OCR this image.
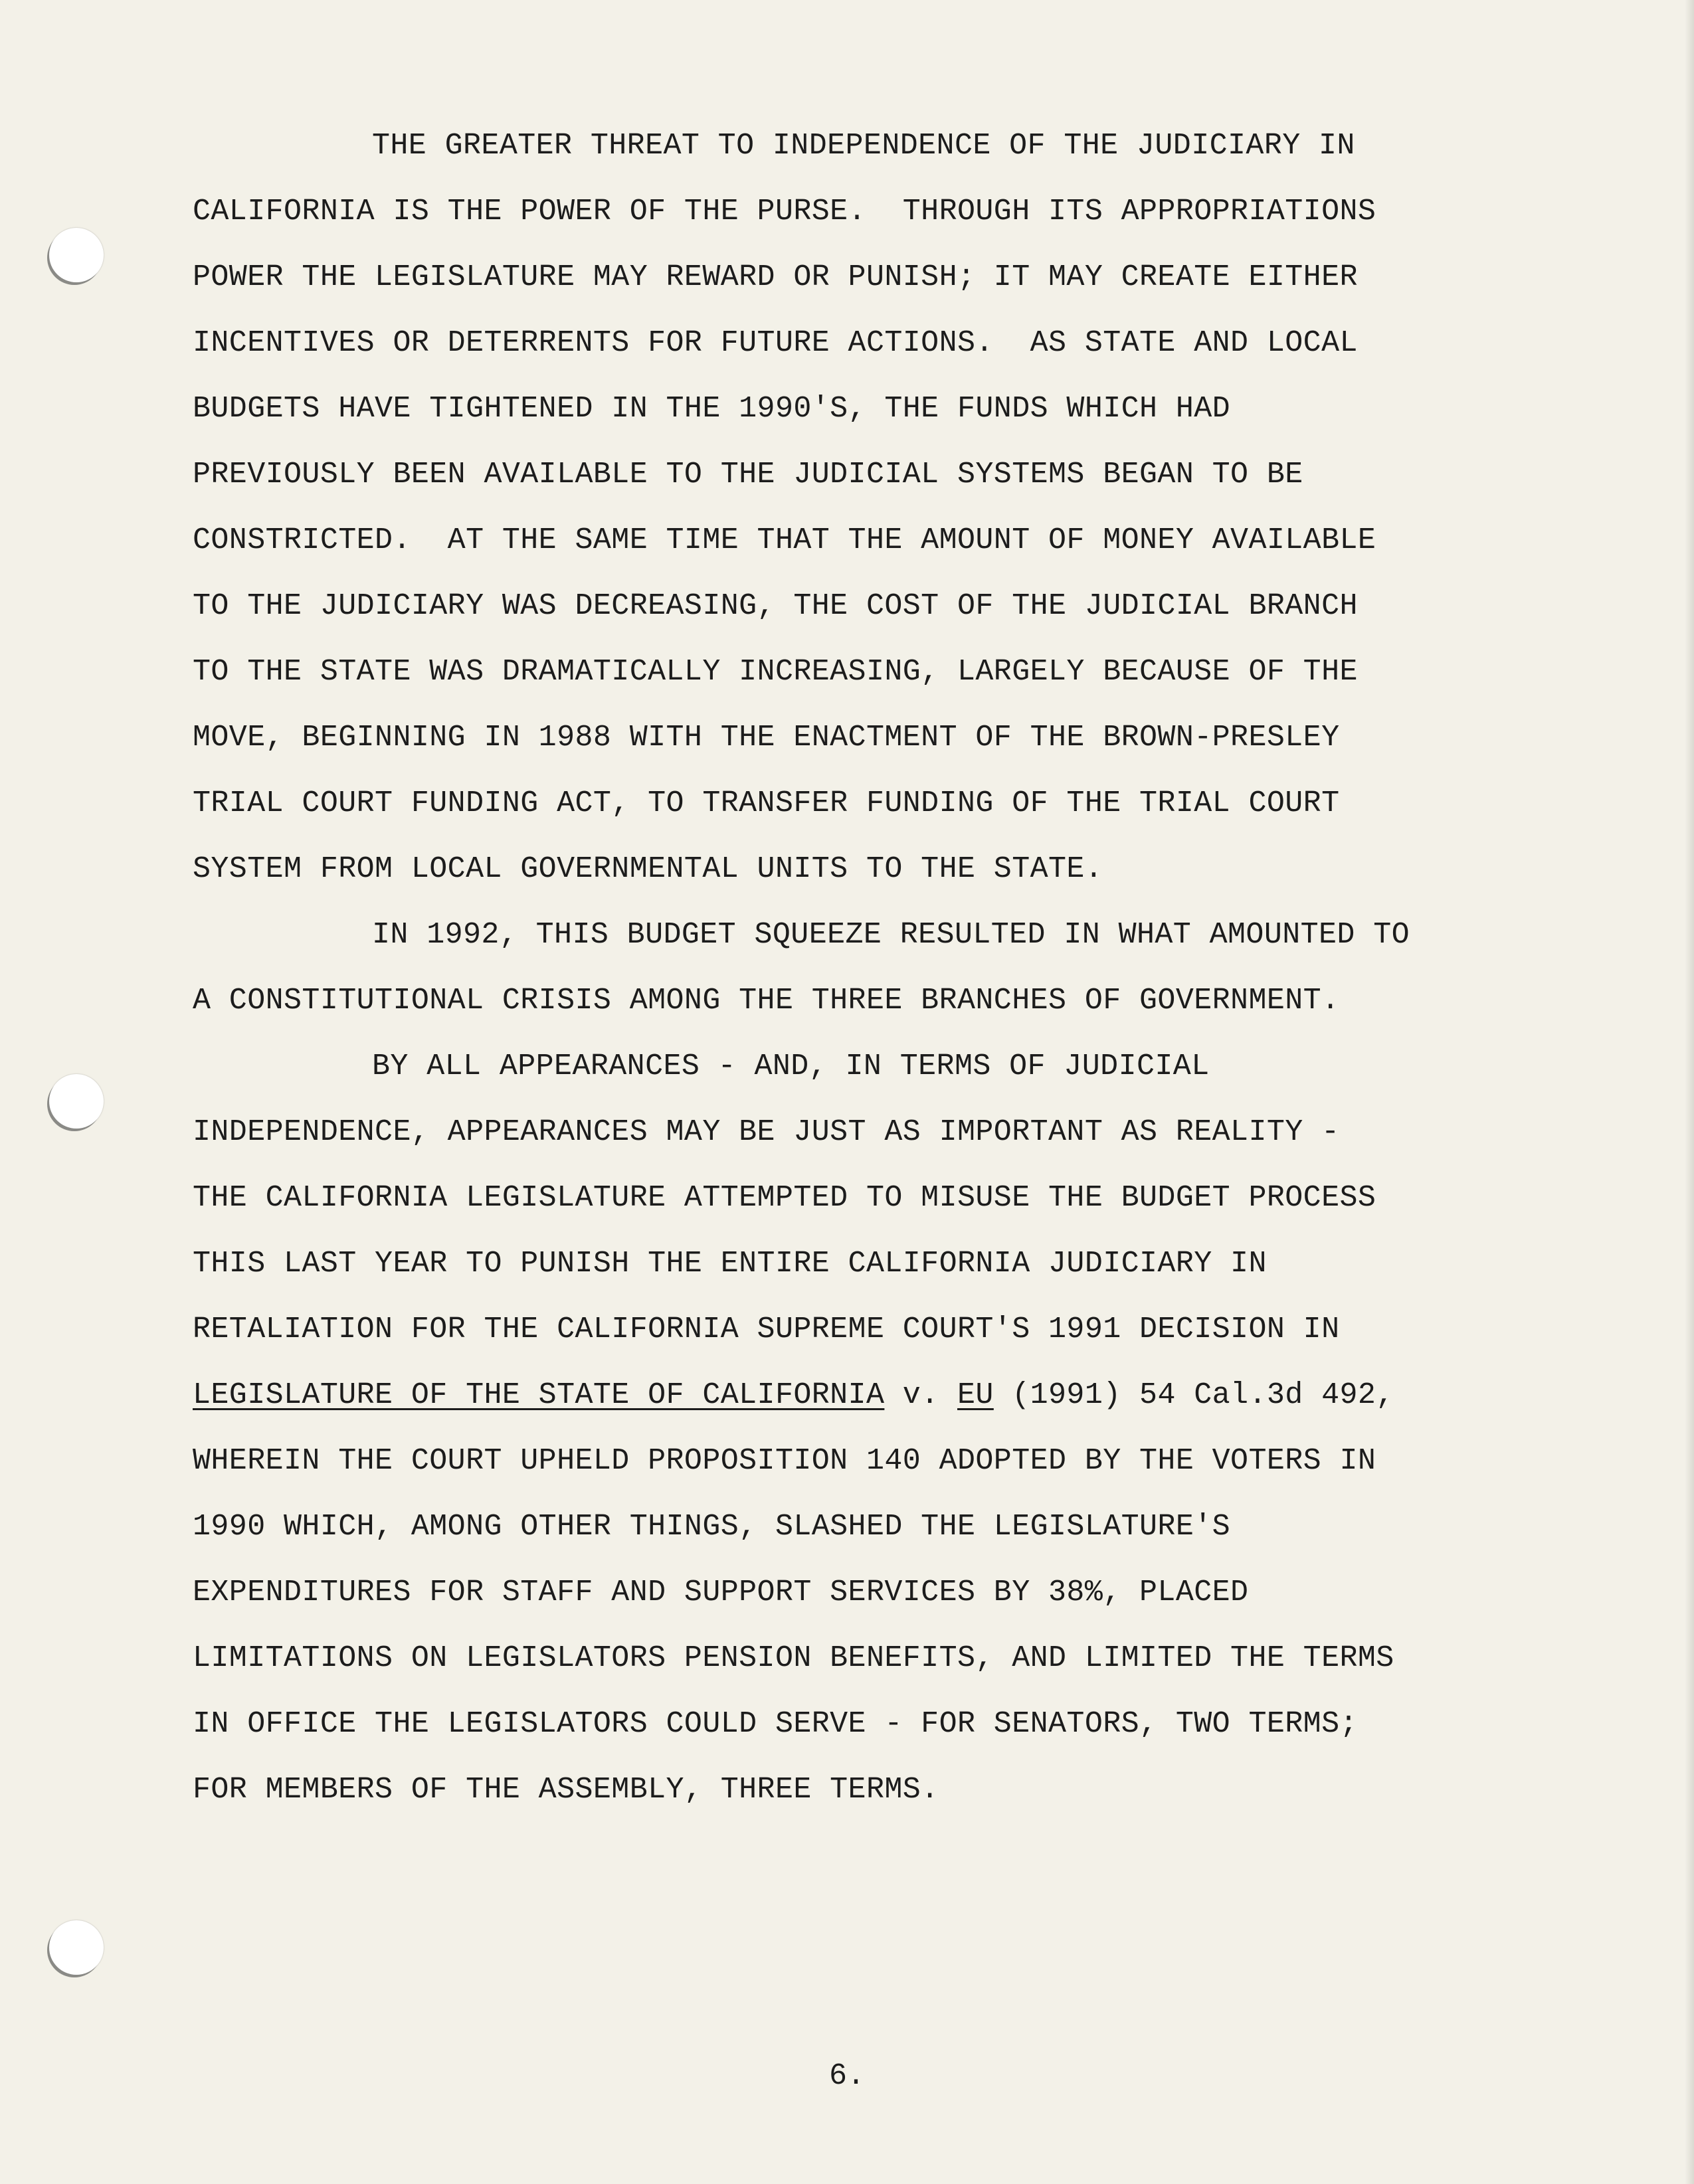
THE GREATER THREAT TO INDEPENDENCE OF THE JUDICIARY IN
CALIFORNIA IS THE POWER OF THE PURSE.  THROUGH ITS APPROPRIATIONS
POWER THE LEGISLATURE MAY REWARD OR PUNISH; IT MAY CREATE EITHER
INCENTIVES OR DETERRENTS FOR FUTURE ACTIONS.  AS STATE AND LOCAL
BUDGETS HAVE TIGHTENED IN THE 1990'S, THE FUNDS WHICH HAD
PREVIOUSLY BEEN AVAILABLE TO THE JUDICIAL SYSTEMS BEGAN TO BE
CONSTRICTED.  AT THE SAME TIME THAT THE AMOUNT OF MONEY AVAILABLE
TO THE JUDICIARY WAS DECREASING, THE COST OF THE JUDICIAL BRANCH
TO THE STATE WAS DRAMATICALLY INCREASING, LARGELY BECAUSE OF THE
MOVE, BEGINNING IN 1988 WITH THE ENACTMENT OF THE BROWN-PRESLEY
TRIAL COURT FUNDING ACT, TO TRANSFER FUNDING OF THE TRIAL COURT
SYSTEM FROM LOCAL GOVERNMENTAL UNITS TO THE STATE.
IN 1992, THIS BUDGET SQUEEZE RESULTED IN WHAT AMOUNTED TO
A CONSTITUTIONAL CRISIS AMONG THE THREE BRANCHES OF GOVERNMENT.
BY ALL APPEARANCES - AND, IN TERMS OF JUDICIAL
INDEPENDENCE, APPEARANCES MAY BE JUST AS IMPORTANT AS REALITY -
THE CALIFORNIA LEGISLATURE ATTEMPTED TO MISUSE THE BUDGET PROCESS
THIS LAST YEAR TO PUNISH THE ENTIRE CALIFORNIA JUDICIARY IN
RETALIATION FOR THE CALIFORNIA SUPREME COURT'S 1991 DECISION IN
LEGISLATURE OF THE STATE OF CALIFORNIA v. EU (1991) 54 Cal.3d 492,
WHEREIN THE COURT UPHELD PROPOSITION 140 ADOPTED BY THE VOTERS IN
1990 WHICH, AMONG OTHER THINGS, SLASHED THE LEGISLATURE'S
EXPENDITURES FOR STAFF AND SUPPORT SERVICES BY 38%, PLACED
LIMITATIONS ON LEGISLATORS PENSION BENEFITS, AND LIMITED THE TERMS
IN OFFICE THE LEGISLATORS COULD SERVE - FOR SENATORS, TWO TERMS;
FOR MEMBERS OF THE ASSEMBLY, THREE TERMS.
6.
